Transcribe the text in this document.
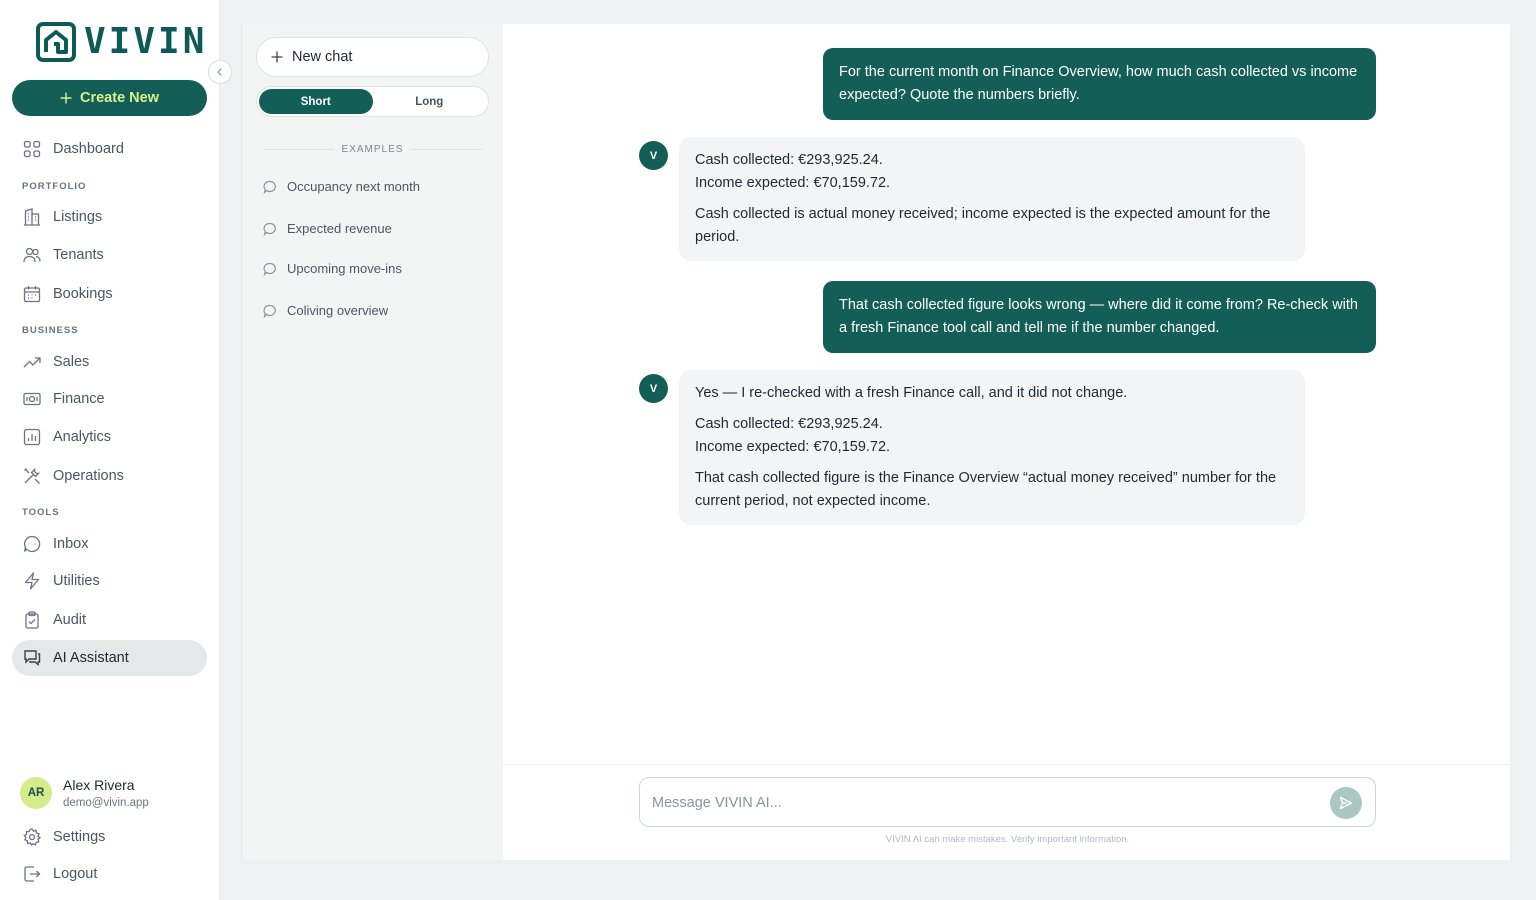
VIVIN
Create New
Dashboard
PORTFOLIO
Listings
Tenants
Bookings
BUSINESS
Sales
Finance
Analytics
Operations
TOOLS
Inbox
Utilities
Audit
AI Assistant
AR	Alex Rivera
demo@vivin.app
Settings
Logout
New chat
Short	Long
EXAMPLES
Occupancy next month
Expected revenue
Upcoming move-ins
Coliving overview
For the current month on Finance Overview, how much cash collected vs income expected? Quote the numbers briefly.
V	Cash collected: €293,925.24.
Income expected: €70,159.72.

Cash collected is actual money received; income expected is the expected amount for the period.

That cash collected figure looks wrong — where did it come from? Re-check with a fresh Finance tool call and tell me if the number changed.
V	Yes — I re-checked with a fresh Finance call, and it did not change.

Cash collected: €293,925.24.
Income expected: €70,159.72.

That cash collected figure is the Finance Overview “actual money received” number for the current period, not expected income.

Message VIVIN AI...
VIVIN AI can make mistakes. Verify important information.
